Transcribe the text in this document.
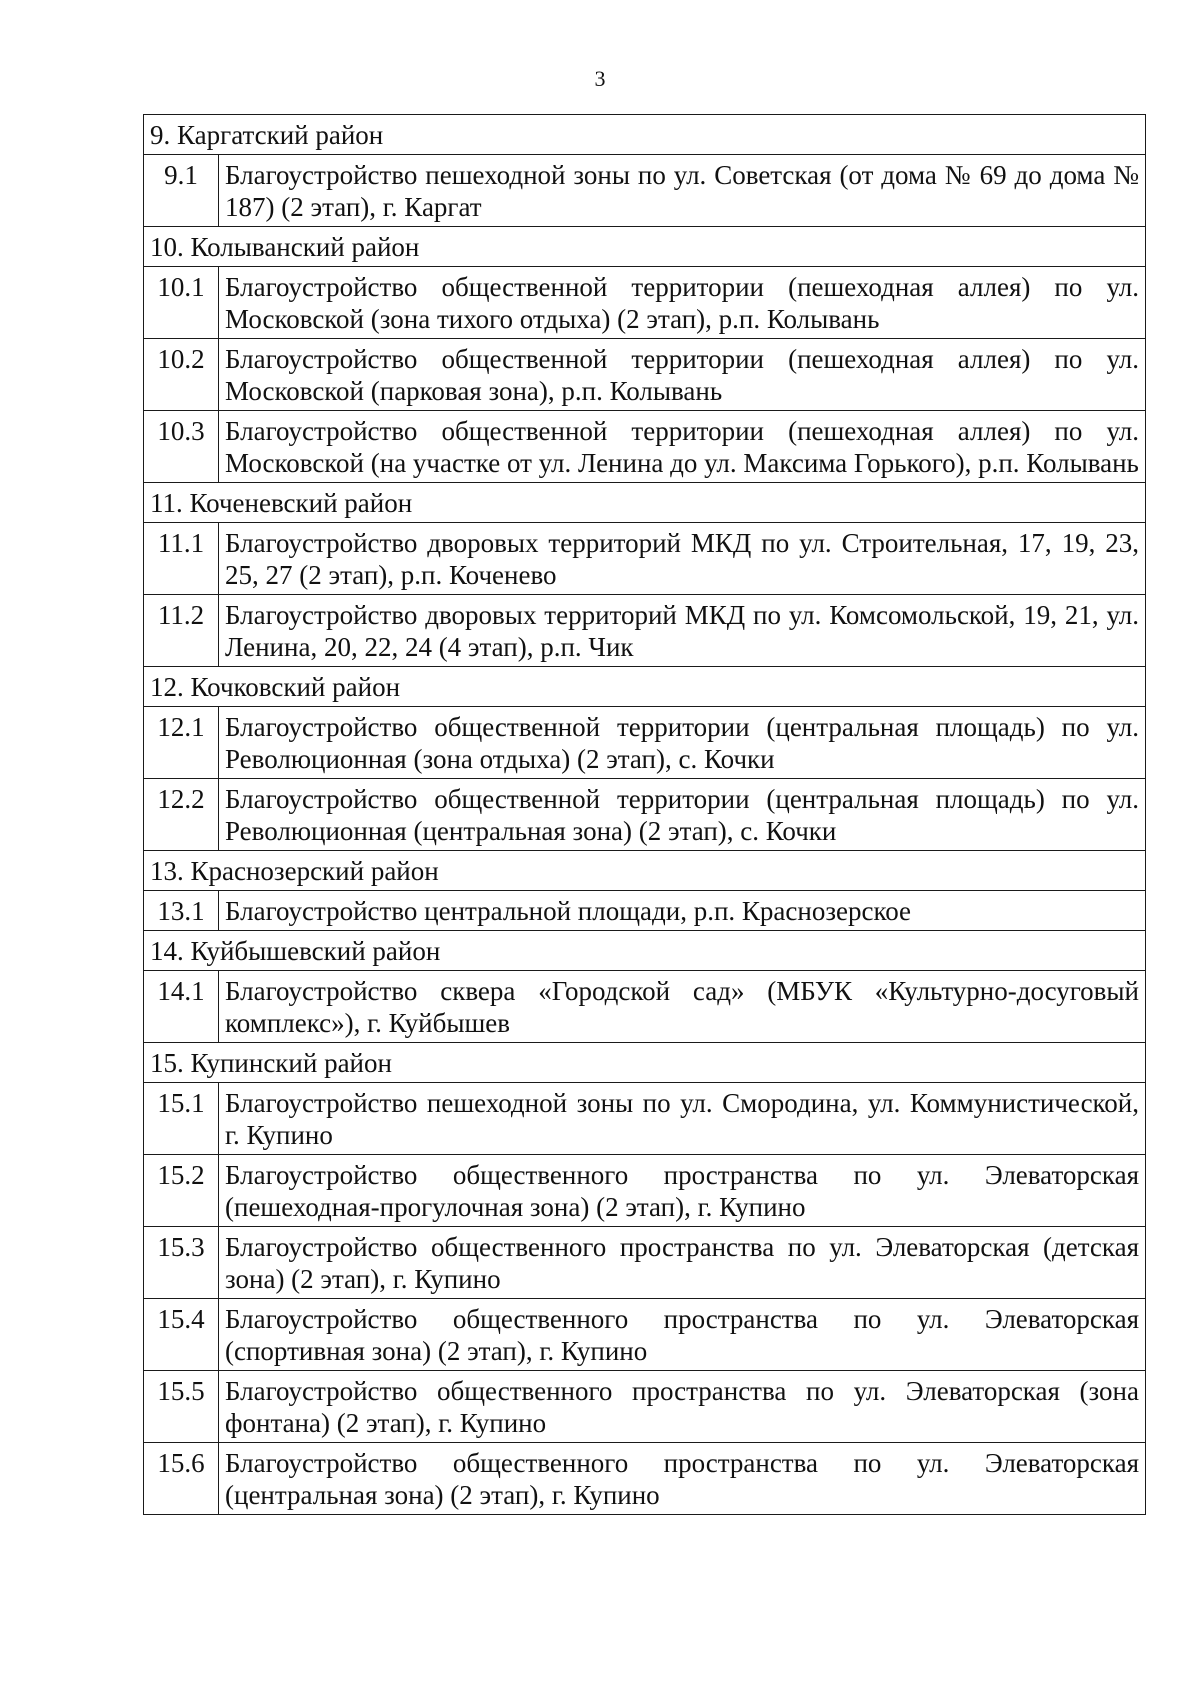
3
9. Каргатский район	
9.1	Благоустройство пешеходной зоны по ул. Советская (от дома № 69 до дома № 187) (2 этап), г. Каргат
10. Колыванский район	
10.1	Благоустройство общественной территории (пешеходная аллея) по ул. Московской (зона тихого отдыха) (2 этап), р.п. Колывань
10.2	Благоустройство общественной территории (пешеходная аллея) по ул. Московской (парковая зона), р.п. Колывань
10.3	Благоустройство общественной территории (пешеходная аллея) по ул. Московской (на участке от ул. Ленина до ул. Максима Горького), р.п. Колывань
11. Коченевский район	
11.1	Благоустройство дворовых территорий МКД по ул. Строительная, 17, 19, 23, 25, 27 (2 этап), р.п. Коченево
11.2	Благоустройство дворовых территорий МКД по ул. Комсомольской, 19, 21, ул. Ленина, 20, 22, 24 (4 этап), р.п. Чик
12. Кочковский район	
12.1	Благоустройство общественной территории (центральная площадь) по ул. Революционная (зона отдыха) (2 этап), с. Кочки
12.2	Благоустройство общественной территории (центральная площадь) по ул. Революционная (центральная зона) (2 этап), с. Кочки
13. Краснозерский район	
13.1	Благоустройство центральной площади, р.п. Краснозерское
14. Куйбышевский район	
14.1	Благоустройство сквера «Городской сад» (МБУК «Культурно-досуговый комплекс»), г. Куйбышев
15. Купинский район	
15.1	Благоустройство пешеходной зоны по ул. Смородина, ул. Коммунистической, г. Купино
15.2	Благоустройство общественного пространства по ул. Элеваторская (пешеходная-прогулочная зона) (2 этап), г. Купино
15.3	Благоустройство общественного пространства по ул. Элеваторская (детская зона) (2 этап), г. Купино
15.4	Благоустройство общественного пространства по ул. Элеваторская (спортивная зона) (2 этап), г. Купино
15.5	Благоустройство общественного пространства по ул. Элеваторская (зона фонтана) (2 этап), г. Купино
15.6	Благоустройство общественного пространства по ул. Элеваторская (центральная зона) (2 этап), г. Купино
